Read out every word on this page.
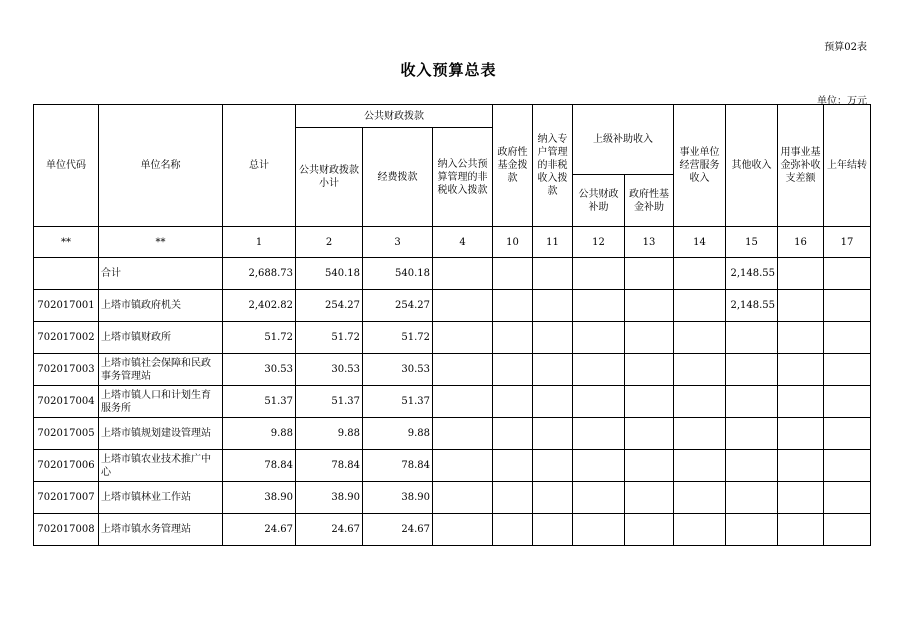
预算02表
收入预算总表
单位：万元
单位代码	单位名称	总计	公共财政拨款			政府性基金拨款	纳入专户管理的非税收入拨款	上级补助收入		事业单位经营服务收入	其他收入	用事业基金弥补收支差额	上年结转
			公共财政拨款小计	经费拨款	纳入公共预算管理的非税收入拨款								
								公共财政补助	政府性基金补助				
**	**	1	2	3	4	10	11	12	13	14	15	16	17
	合计	2,688.73	540.18	540.18							2,148.55		
702017001	上塔市镇政府机关	2,402.82	254.27	254.27							2,148.55		
702017002	上塔市镇财政所	51.72	51.72	51.72									
702017003	上塔市镇社会保障和民政事务管理站	30.53	30.53	30.53									
702017004	上塔市镇人口和计划生育服务所	51.37	51.37	51.37									
702017005	上塔市镇规划建设管理站	9.88	9.88	9.88									
702017006	上塔市镇农业技术推广中心	78.84	78.84	78.84									
702017007	上塔市镇林业工作站	38.90	38.90	38.90									
702017008	上塔市镇水务管理站	24.67	24.67	24.67									
